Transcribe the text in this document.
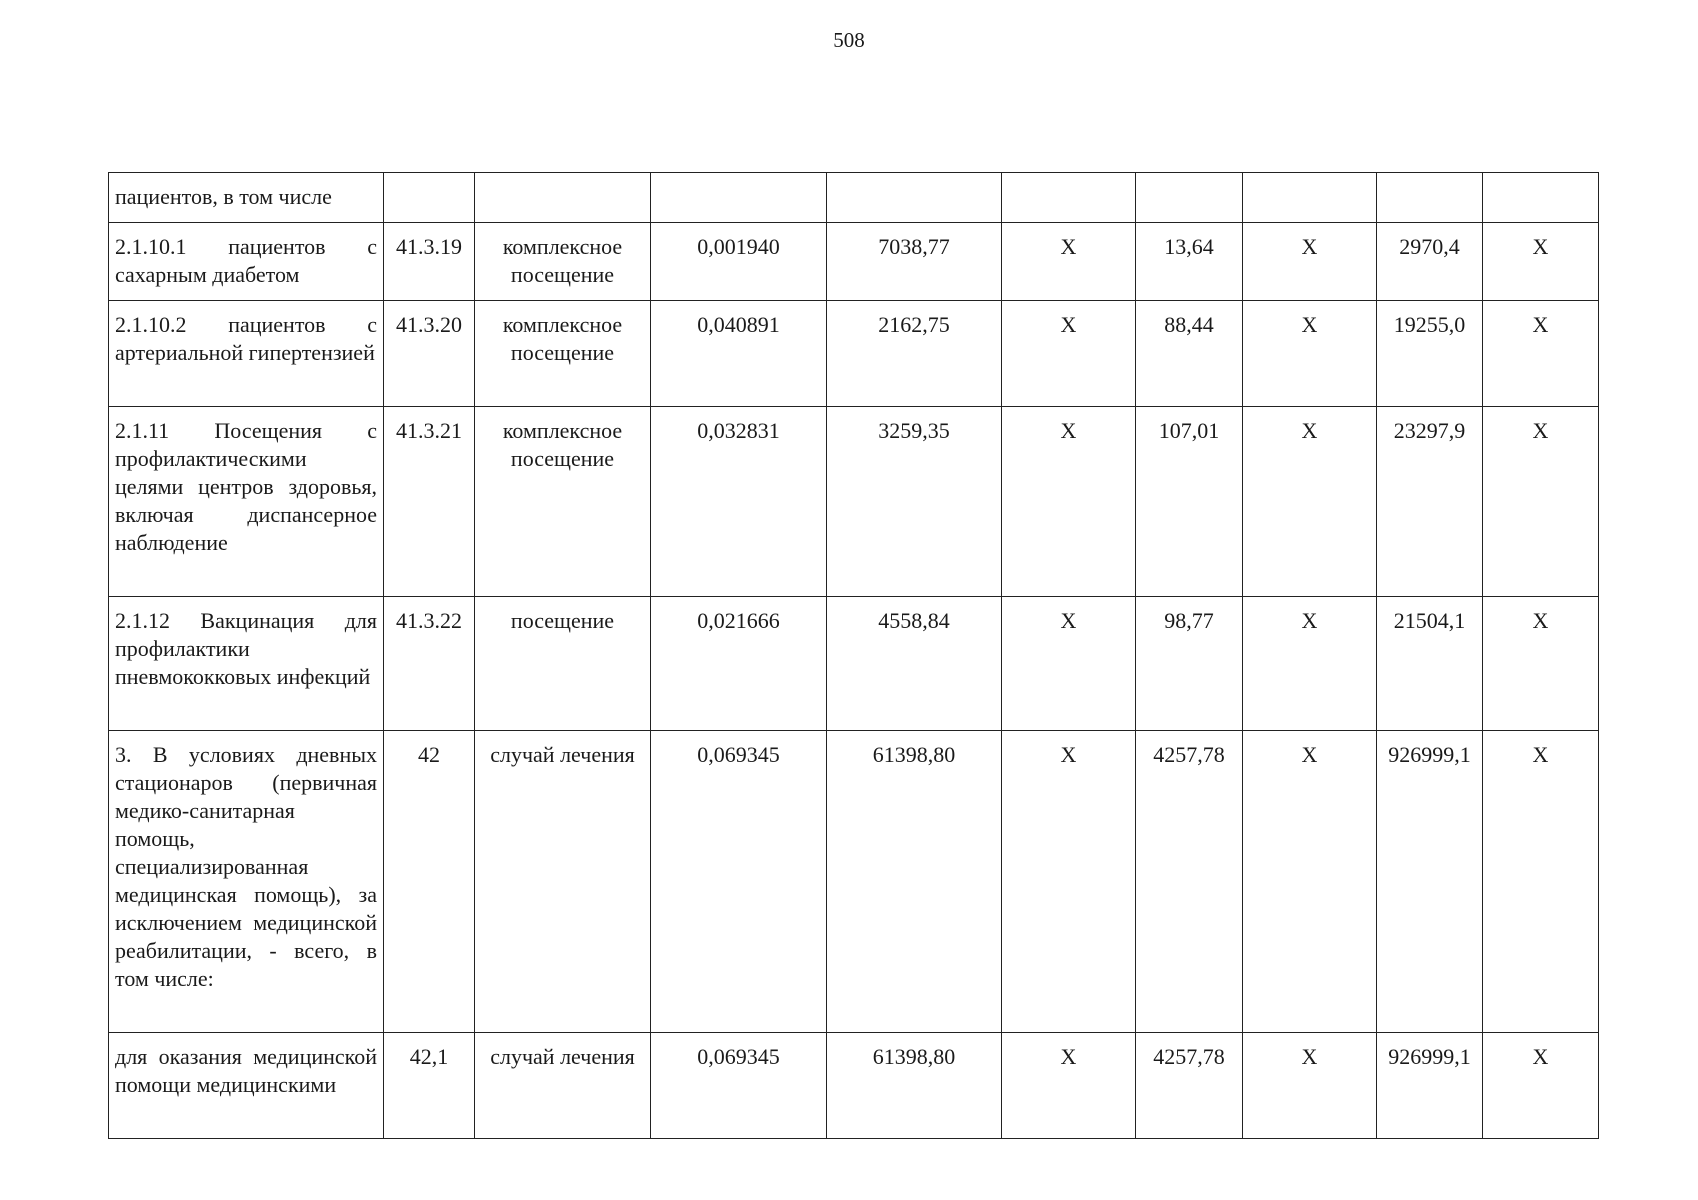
508
пациентов, в том числе									
2.1.10.1 пациентов с сахарным диабетом	41.3.19	комплексное посещение	0,001940	7038,77	Х	13,64	Х	2970,4	Х
2.1.10.2 пациентов с артериальной гипертензией	41.3.20	комплексное посещение	0,040891	2162,75	Х	88,44	Х	19255,0	Х
2.1.11 Посещения с профилактическими целями центров здоровья, включая диспансерное наблюдение	41.3.21	комплексное посещение	0,032831	3259,35	Х	107,01	Х	23297,9	Х
2.1.12 Вакцинация для профилактики пневмококковых инфекций	41.3.22	посещение	0,021666	4558,84	Х	98,77	Х	21504,1	Х
3. В условиях дневных стационаров (первичная медико-санитарная помощь, специализированная медицинская помощь), за исключением медицинской реабилитации, - всего, в том числе:	42	случай лечения	0,069345	61398,80	Х	4257,78	Х	926999,1	Х
для оказания медицинской помощи медицинскими	42,1	случай лечения	0,069345	61398,80	Х	4257,78	Х	926999,1	Х
